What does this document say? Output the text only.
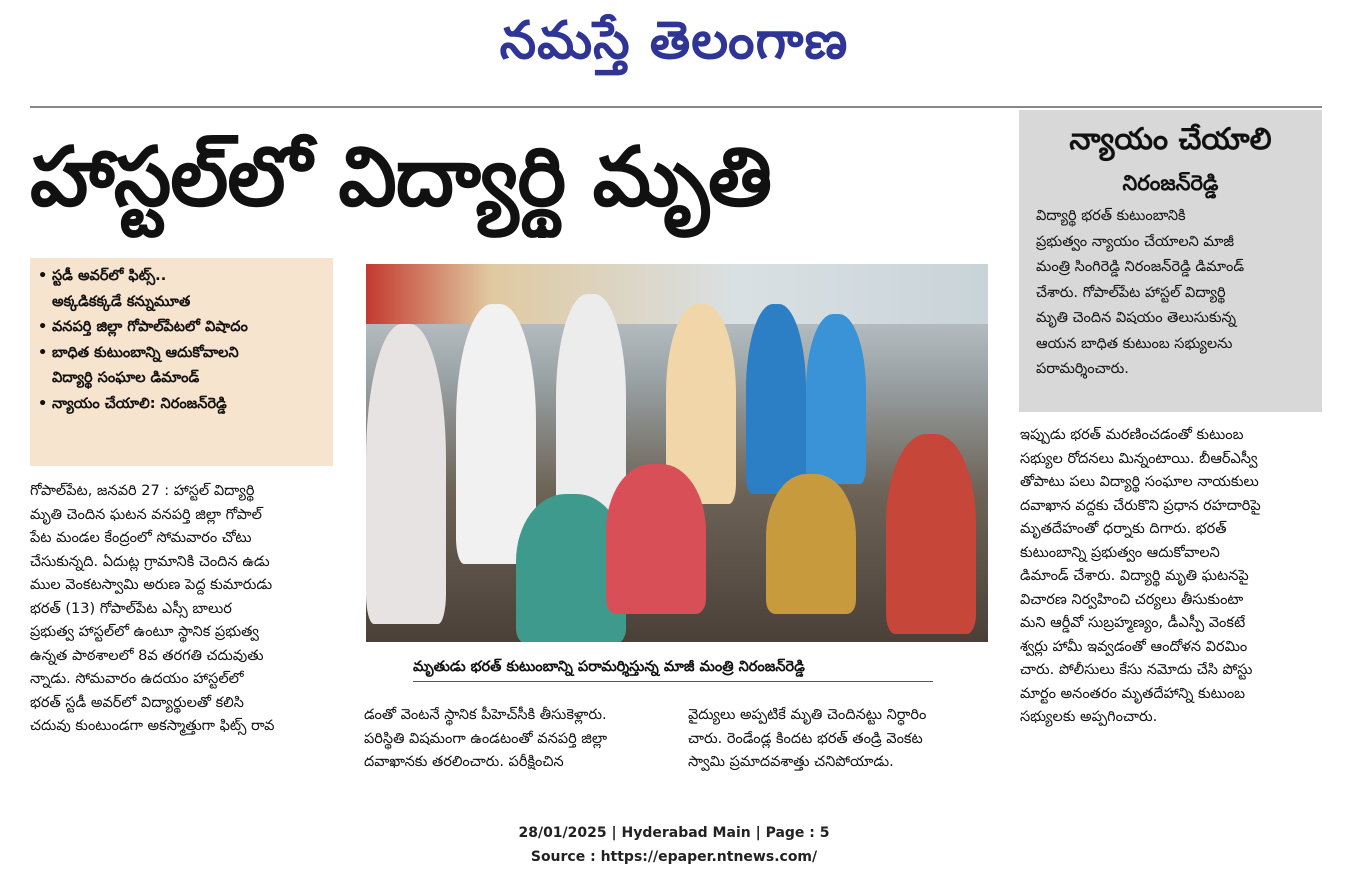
నమస్తే తెలంగాణ
హాస్టల్‌లో విద్యార్థి మృతి
• స్టడీ అవర్‌లో ఫిట్స్‌..
అక్కడికక్కడే కన్నుమూత
• వనపర్తి జిల్లా గోపాల్‌పేటలో విషాదం
• బాధిత కుటుంబాన్ని ఆదుకోవాలని
విద్యార్థి సంఘాల డిమాండ్‌
• న్యాయం చేయాలి: నిరంజన్‌రెడ్డి
మృతుడు భరత్‌ కుటుంబాన్ని పరామర్శిస్తున్న మాజీ మంత్రి నిరంజన్‌రెడ్డి
గోపాల్‌పేట, జనవరి 27 : హాస్టల్‌ విద్యార్థి
మృతి చెందిన ఘటన వనపర్తి జిల్లా గోపాల్‌
పేట మండల కేంద్రంలో సోమవారం చోటు
చేసుకున్నది. ఏదుట్ల గ్రామానికి చెందిన ఉడు
ముల వెంకటస్వామి అరుణ పెద్ద కుమారుడు
భరత్‌ (13) గోపాల్‌పేట ఎస్సీ బాలుర
ప్రభుత్వ హాస్టల్‌లో ఉంటూ స్థానిక ప్రభుత్వ
ఉన్నత పాఠశాలలో 8వ తరగతి చదువుతు
న్నాడు. సోమవారం ఉదయం హాస్టల్‌లో
భరత్‌ స్టడీ అవర్‌లో విద్యార్థులతో కలిసి
చదువు కుంటుండగా అకస్మాత్తుగా ఫిట్స్‌ రావ
డంతో వెంటనే స్థానిక పీహెచ్‌సీకి తీసుకెళ్లారు.
పరిస్థితి విషమంగా ఉండటంతో వనపర్తి జిల్లా
దవాఖానకు తరలించారు. పరీక్షించిన
వైద్యులు అప్పటికే మృతి చెందినట్టు నిర్ధారిం
చారు. రెండేండ్ల కిందట భరత్‌ తండ్రి వెంకట
స్వామి ప్రమాదవశాత్తు చనిపోయాడు.
న్యాయం చేయాలి
నిరంజన్‌రెడ్డి
విద్యార్థి భరత్‌ కుటుంబానికి
ప్రభుత్వం న్యాయం చేయాలని మాజీ
మంత్రి సింగిరెడ్డి నిరంజన్‌రెడ్డి డిమాండ్‌
చేశారు. గోపాల్‌పేట హాస్టల్‌ విద్యార్థి
మృతి చెందిన విషయం తెలుసుకున్న
ఆయన బాధిత కుటుంబ సభ్యులను
పరామర్శించారు.
ఇప్పుడు భరత్‌ మరణించడంతో కుటుంబ
సభ్యుల రోదనలు మిన్నంటాయి. బీఆర్‌ఎస్వీ
తోపాటు పలు విద్యార్థి సంఘాల నాయకులు
దవాఖాన వద్దకు చేరుకొని ప్రధాన రహదారిపై
మృతదేహంతో ధర్నాకు దిగారు. భరత్‌
కుటుంబాన్ని ప్రభుత్వం ఆదుకోవాలని
డిమాండ్‌ చేశారు. విద్యార్థి మృతి ఘటనపై
విచారణ నిర్వహించి చర్యలు తీసుకుంటా
మని ఆర్డీవో సుబ్రహ్మణ్యం, డీఎస్పీ వెంకటే
శ్వర్లు హామీ ఇవ్వడంతో ఆందోళన విరమిం
చారు. పోలీసులు కేసు నమోదు చేసి పోస్టు
మార్టం అనంతరం మృతదేహాన్ని కుటుంబ
సభ్యులకు అప్పగించారు.
28/01/2025 | Hyderabad Main | Page : 5
Source : https://epaper.ntnews.com/
